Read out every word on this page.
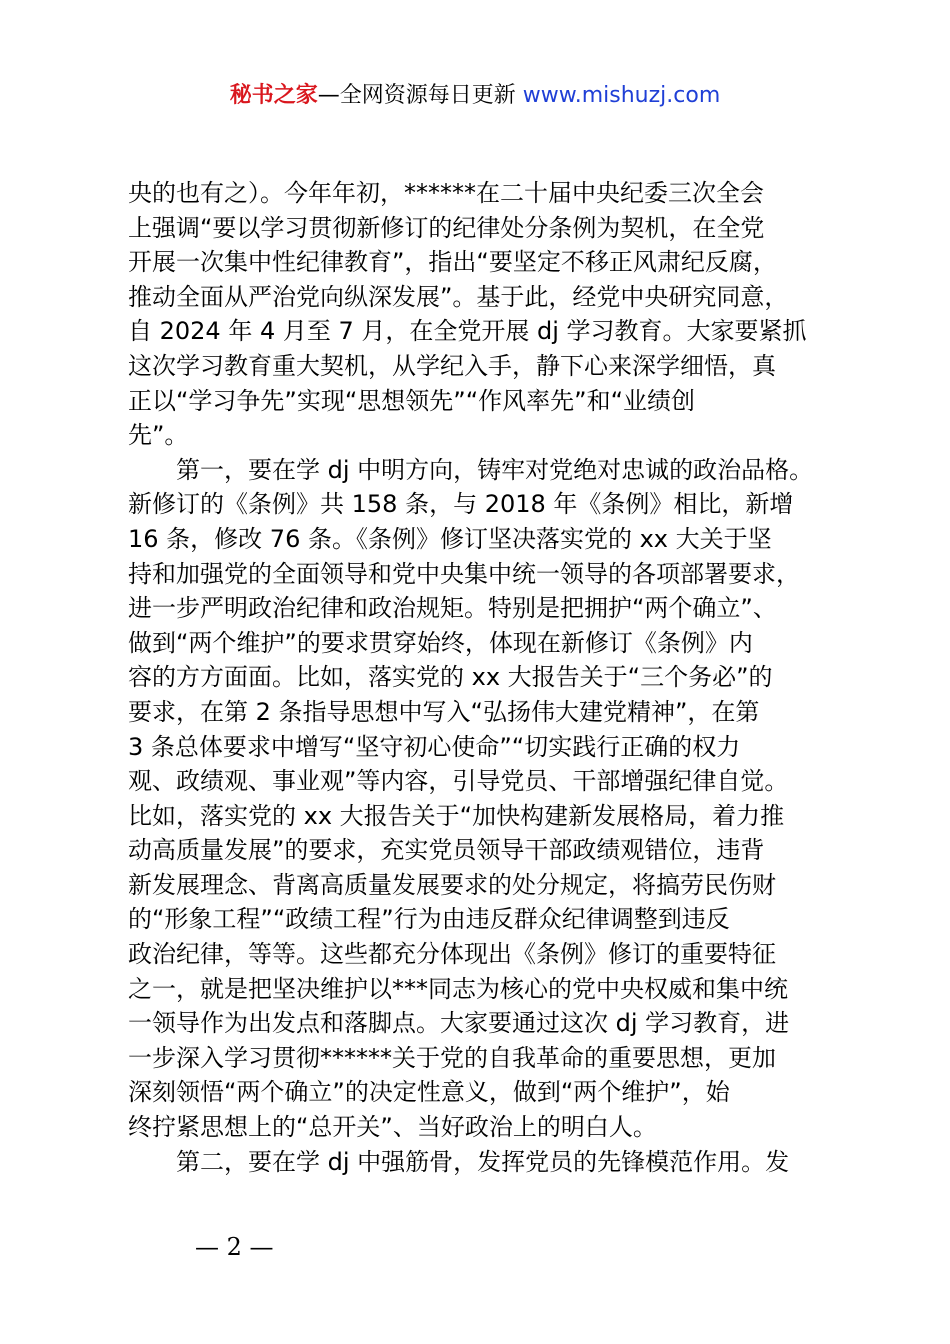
秘书之家—全网资源每日更新 www.mishuzj.com
央的也有之）。今年年初，******在二十届中央纪委三次全会
上强调“要以学习贯彻新修订的纪律处分条例为契机，在全党
开展一次集中性纪律教育”，指出“要坚定不移正风肃纪反腐，
推动全面从严治党向纵深发展”。基于此，经党中央研究同意，
自 2024 年 4 月至 7 月，在全党开展 dj 学习教育。大家要紧抓
这次学习教育重大契机，从学纪入手，静下心来深学细悟，真
正以“学习争先”实现“思想领先”“作风率先”和“业绩创
先”。
第一，要在学 dj 中明方向，铸牢对党绝对忠诚的政治品格。
新修订的《条例》共 158 条，与 2018 年《条例》相比，新增
16 条，修改 76 条。《条例》修订坚决落实党的 xx 大关于坚
持和加强党的全面领导和党中央集中统一领导的各项部署要求，
进一步严明政治纪律和政治规矩。特别是把拥护“两个确立”、
做到“两个维护”的要求贯穿始终，体现在新修订《条例》内
容的方方面面。比如，落实党的 xx 大报告关于“三个务必”的
要求，在第 2 条指导思想中写入“弘扬伟大建党精神”，在第
3 条总体要求中增写“坚守初心使命”“切实践行正确的权力
观、政绩观、事业观”等内容，引导党员、干部增强纪律自觉。
比如，落实党的 xx 大报告关于“加快构建新发展格局，着力推
动高质量发展”的要求，充实党员领导干部政绩观错位，违背
新发展理念、背离高质量发展要求的处分规定，将搞劳民伤财
的“形象工程”“政绩工程”行为由违反群众纪律调整到违反
政治纪律，等等。这些都充分体现出《条例》修订的重要特征
之一，就是把坚决维护以***同志为核心的党中央权威和集中统
一领导作为出发点和落脚点。大家要通过这次 dj 学习教育，进
一步深入学习贯彻******关于党的自我革命的重要思想，更加
深刻领悟“两个确立”的决定性意义，做到“两个维护”，始
终拧紧思想上的“总开关”、当好政治上的明白人。
第二，要在学 dj 中强筋骨，发挥党员的先锋模范作用。发
— 2 —
